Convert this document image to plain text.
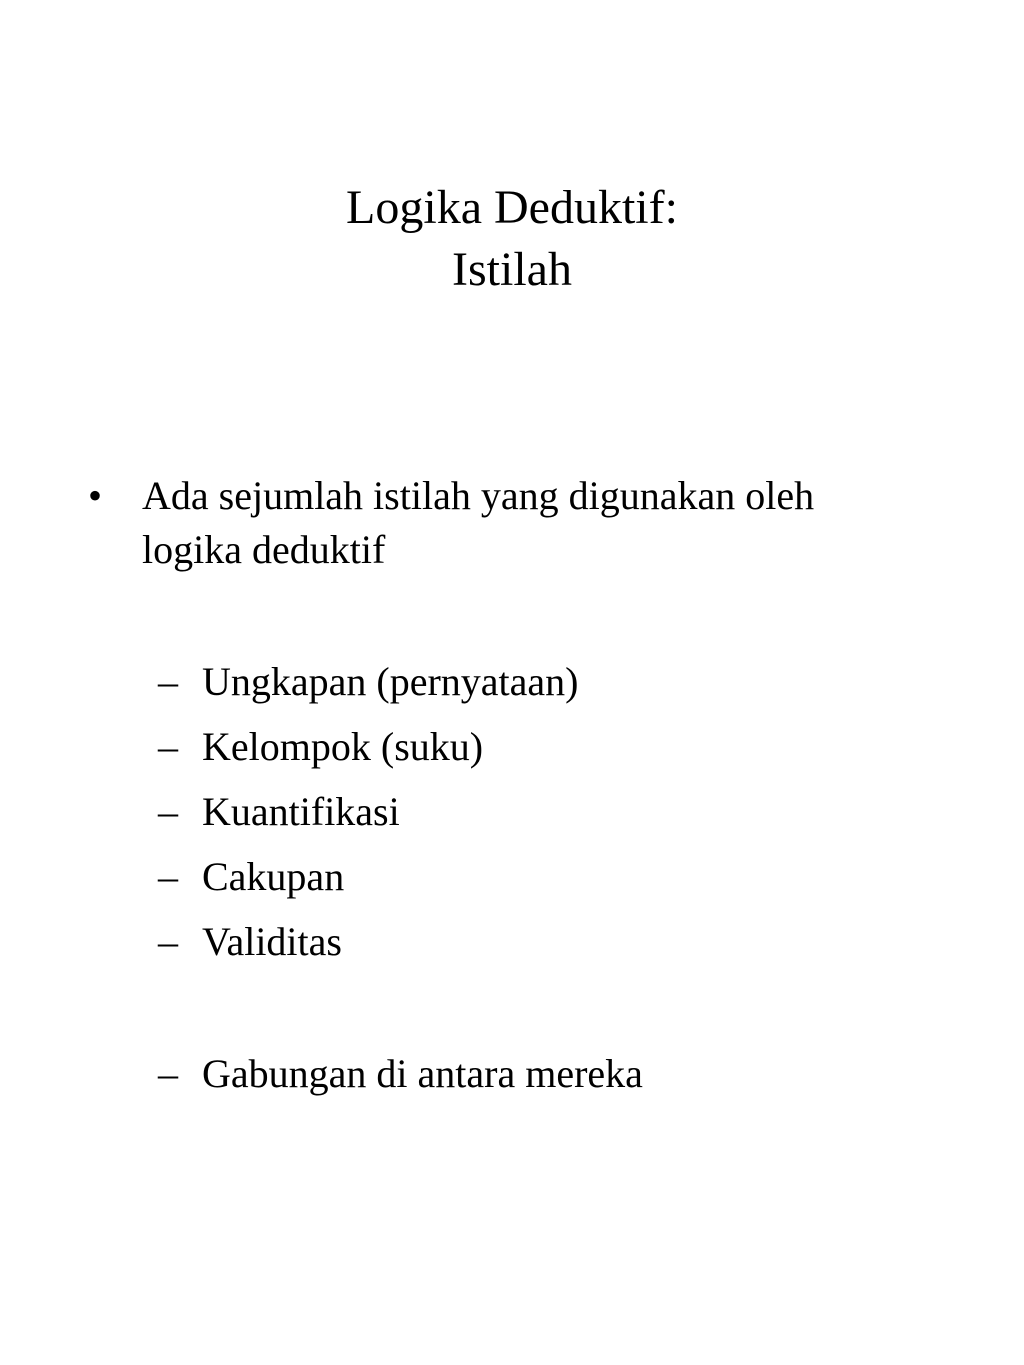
Logika Deduktif:
Istilah
• Ada sejumlah istilah yang digunakan oleh
logika deduktif
– Ungkapan (pernyataan)
– Kelompok (suku)
– Kuantifikasi
– Cakupan
– Validitas
– Gabungan di antara mereka
